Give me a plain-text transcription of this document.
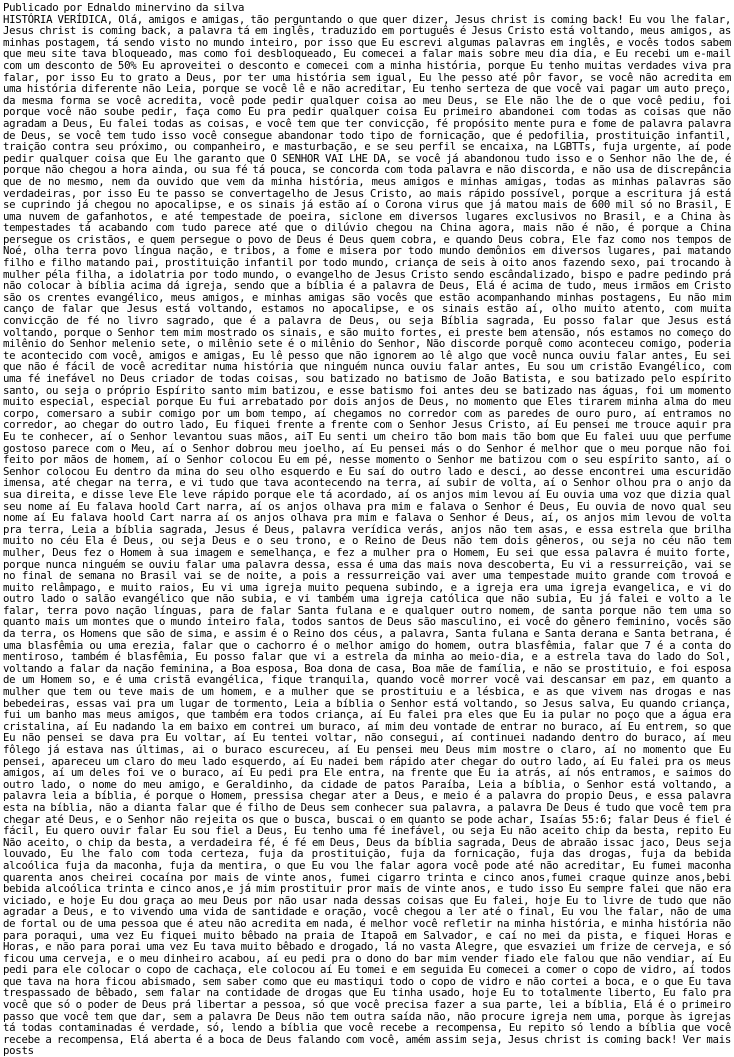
Publicado por Ednaldo minervino da silva

HISTÓRIA VERÍDICA, Olá, amigos e amigas, tão perguntando o que quer dizer, Jesus christ is coming back! Eu vou lhe falar, Jesus christ is coming back, a palavra tá em inglês, traduzido em português é Jesus Cristo está voltando, meus amigos, as minhas postagem, tá sendo visto no mundo inteiro, por isso que Eu escrevi algumas palavras em inglês, e vocês todos sabem que meu site tava bloqueado, mas como foi desbloqueado, Eu comecei a falar mais sobre meu dia dia, e Eu recebi um e-mail com um desconto de 50% Eu aproveitei o desconto e comecei com a minha história, porque Eu tenho muitas verdades viva pra falar, por isso Eu to grato a Deus, por ter uma história sem igual, Eu lhe pesso até pôr favor, se você não acredita em uma história diferente não Leia, porque se você lê e não acreditar, Eu tenho serteza de que você vai pagar um auto preço, da mesma forma se você acredita, você pode pedir qualquer coisa ao meu Deus, se Ele não lhe de o que você pediu, foi porque você não soube pedir, faça como Eu pra pedir qualquer coisa Eu primeiro abandonei com todas as coisas que não agradam a Deus, Eu falei todas as coisas, e você tem que ter convicção, fé propósito mente pura e fome de palavra palavra de Deus, se você tem tudo isso você consegue abandonar todo tipo de fornicação, que é pedofilia, prostituição infantil, traição contra seu próximo, ou companheiro, e masturbação, e se seu perfil se encaixa, na LGBTTs, fuja urgente, aí pode pedir qualquer coisa que Eu lhe garanto que O SENHOR VAI LHE DA, se você já abandonou tudo isso e o Senhor não lhe de, é porque não chegou a hora ainda, ou sua fé tá pouca, se concorda com toda palavra e não discorda, e não usa de discrepância que de no mesmo, nem da ouvido que vem da minha história, meus amigos e minhas amigas, todas as minhas palavras são verdadeiras, por isso Eu te passo se convertagelho de Jesus Cristo, ao mais rápido possível, porque a escritura já está se cuprindo já chegou no apocalipse, e os sinais já estão aí o Corona virus que já matou mais de 600 mil só no Brasil, E uma nuvem de gafanhotos, e até tempestade de poeira, siclone em diversos lugares exclusivos no Brasil, e a China às tempestades tá acabando com tudo parece até que o dilúvio chegou na China agora, mais não é não, é porque a China persegue os cristãos, e quem persegue o povo de Deus é Deus quem cobra, e quando Deus cobra, Ele faz como nos tempos de Noé, olha terra povo língua nação, e tribos, a fome e misera por todo mundo demônios em diversos lugares, pai matando filho e filho matando pai, prostituição infantil por todo mundo, criança de seis à oito anos fazendo sexo, pai trocando à mulher péla filha, a idolatria por todo mundo, o evangelho de Jesus Cristo sendo escândalizado, bispo e padre pedindo prá não colocar à bíblia acima dá igreja, sendo que a bíblia é a palavra de Deus, Elá é acima de tudo, meus irmãos em Cristo são os crentes evangélico, meus amigos, e minhas amigas são vocês que estão acompanhando minhas postagens, Eu não mim canço de falar que Jesus está voltando, estamos no apocalipse, e os sinais estão aí, olho muito atento, com muita convicção de fé no livro sagrado, que é a palavra de Deus, ou seja Bíblia sagrada, Eu posso falar que Jesus está voltando, porque o Senhor tem mim mostrado os sinais, e são muito fortes, ei preste bem atensão, nós estamos no começo do milênio do Senhor melenio sete, o milênio sete é o milênio do Senhor, Não discorde porquê como aconteceu comigo, poderia te acontecido com você, amigos e amigas, Eu lê pesso que não ignorem ao lê algo que você nunca ouviu falar antes, Eu sei que não é fácil de você acreditar numa história que ninguém nunca ouviu falar antes, Eu sou um cristão Evangélico, com uma fé inefável no Deus criador de todas coisas, sou batizado no batismo de João Batista, e sou batizado pelo espírito santo, ou seja o próprio Espírito santo mim batizou, e esse batismo foi antes deu se batizado nas águas, foi um momento muito especial, especial porque Eu fui arrebatado por dois anjos de Deus, no momento que Eles tirarem minha alma do meu corpo, comersaro a subir comigo por um bom tempo, aí chegamos no corredor com as paredes de ouro puro, aí entramos no corredor, ao chegar do outro lado, Eu fiquei frente a frente com o Senhor Jesus Cristo, aí Eu pensei me trouce aquir pra Eu te conhecer, aí o Senhor levantou suas mãos, aiT Eu senti um cheiro tão bom mais tão bom que Eu falei uuu que perfume gostoso parece com o Meu, aí o Senhor dobrou meu joelho, aí Eu pensei más o do Senhor é melhor que o meu porque não foi feito por mãos de homem, aí o Senhor colocou Eu em pé, nesse momento o Senhor me batizou com o seu espírito santo, aí o Senhor colocou Eu dentro da mina do seu olho esquerdo e Eu saí do outro lado e desci, ao desse encontrei uma escuridão imensa, até chegar na terra, e vi tudo que tava acontecendo na terra, aí subir de volta, aí o Senhor olhou pra o anjo da sua direita, e disse leve Ele leve rápido porque ele tá acordado, aí os anjos mim levou aí Eu ouvia uma voz que dizia qual seu nome aí Eu falava hoold Cart narra, aí os anjos olhava pra mim e falava o Senhor é Deus, Eu ouvia de novo qual seu nome aí Eu falava hoold Cart narra aí os anjos olhava pra mim e falava o Senhor é Deus, aí, os anjos mim levou de volta pra terra, Leia a bíblia sagrada, Jesus é Deus, palavra verídica verás, anjos não tem asas, e essa estrela que brilha muito no céu Ela é Deus, ou seja Deus e o seu trono, e o Reino de Deus não tem dois gêneros, ou seja no céu não tem mulher, Deus fez o Homem à sua imagem e semelhança, e fez a mulher pra o Homem, Eu sei que essa palavra é muito forte, porque nunca ninguém se ouviu falar uma palavra dessa, essa é uma das mais nova descoberta, Eu vi a ressurreição, vai se no final de semana no Brasil vai se de noite, a pois a ressurreição vai aver uma tempestade muito grande com trovoá e muito relâmpago, e muito raios, Eu vi uma igreja muito pequena subindo, e a igreja era uma igreja evangelica, e vi do outro lado o salão evangélico que não subia, e vi também uma igreja católica que não subia, Eu já falei e volto a le falar, terra povo nação línguas, para de falar Santa fulana e e qualquer outro nomem, de santa porque não tem uma so quanto mais um montes que o mundo inteiro fala, todos santos de Deus são masculino, ei você do gênero feminino, vocês são da terra, os Homens que são de sima, e assim é o Reino dos céus, a palavra, Santa fulana e Santa derana e Santa betrana, é uma blasfêmia ou uma erezia, falar que o cachorro é o melhor amigo do homem, outra blasfêmia, falar que 7 é a conta do mentiroso, também é blasfêmia, Eu posso falar que vi a estrela da minha ao meio-dia, e a estrela tava do lado do Sol, voltando a falar da nação feminina, a Boa esposa, Boa dona de casa, Boa mãe de família, e não se prostituio, e foi esposa de um Homem so, e é uma cristã evangélica, fique tranquila, quando você morrer você vai descansar em paz, em quanto a mulher que tem ou teve mais de um homem, e a mulher que se prostituiu e a lésbica, e as que vivem nas drogas e nas bebedeiras, essas vai pra um lugar de tormento, Leia a bíblia o Senhor está voltando, so Jesus salva, Eu quando criança, fui um banho mas meus amigos, que também era todos criança, aí Eu falei pra eles que Eu ia pular no poço que a água era cristalina, aí Eu nadando la em baixo em contrei um buraco, aí mim deu vontade de entrar no buraco, aí Eu entrem, so que Eu não pensei se dava pra Eu voltar, aí Eu tentei voltar, não consegui, aí continuei nadando dentro do buraco, aí meu fôlego já estava nas últimas, ai o buraco escureceu, aí Eu pensei meu Deus mim mostre o claro, aí no momento que Eu pensei, apareceu um claro do meu lado esquerdo, aí Eu nadei bem rápido ater chegar do outro lado, aí Eu falei pra os meus amigos, aí um deles foi ve o buraco, aí Eu pedi pra Ele entra, na frente que Eu ia atrás, aí nós entramos, e saimos do outro lado, o nome do meu amigo, e Geraldinho, da cidade de patos Paraíba, Leia a bíblia, o Senhor está voltando, a palavra leia a bíblia, é porque o Homem, pressisa chegar ater a Deus, e meio é a palavra do propio Deus, e essa palavra esta na bíblia, não a dianta falar que é filho de Deus sem conhecer sua palavra, a palavra De Deus é tudo que você tem pra chegar até Deus, e o Senhor não rejeita os que o busca, buscai o em quanto se pode achar, Isaías 55:6; falar Deus é fiel é fácil, Eu quero ouvir falar Eu sou fiel a Deus, Eu tenho uma fé inefável, ou seja Eu não aceito chip da besta, repito Eu Não aceito, o chip da besta, a verdadeira fé, é fé em Deus, Deus da bíblia sagrada, Deus de abraão issac jaco, Deus seja louvado, Eu lhe falo com toda certeza, fuja da prostituição, fuja da fornicação, fuja das drogas, fuja da bebida alcoólica fuja da maconha, fuja da mentira, o que Eu vou lhe falar agora você pode até não acreditar, Eu fumei maconha quarenta anos cheirei cocaína por mais de vinte anos, fumei cigarro trinta e cinco anos,fumei craque quinze anos,bebi bebida alcoólica trinta e cinco anos,e já mim prostituir pror mais de vinte anos, e tudo isso Eu sempre falei que não era viciado, e hoje Eu dou graça ao meu Deus por não usar nada dessas coisas que Eu falei, hoje Eu to livre de tudo que não agradar a Deus, e to vivendo uma vida de santidade e oração, você chegou a ler até o final, Eu vou lhe falar, não de uma de fortal ou de uma pessoa que é ateu não acredita em nada, é melhor você refletir na minha história, e minha história não para poraqui, uma vez Eu fiquei muito bêbado na praia de Itapoã em Salvador, e caí no mei da pista, e fiquei Horas e Horas, e não para porai uma vez Eu tava muito bêbado e drogado, lá no vasta Alegre, que esvaziei um frize de cerveja, e só ficou uma cerveja, e o meu dinheiro acabou, aí eu pedi pra o dono do bar mim vender fiado ele falou que não vendiar, aí Eu pedi para ele colocar o copo de cachaça, ele colocou aí Eu tomei e em seguida Eu comecei a comer o copo de vidro, aí todos que tava na hora ficou abismado, sem saber como que eu mastiqui todo o copo de vidro e não cortei a boca, e o que Eu tava trespassado de bêbado, sem falar na contidade de drogas que Eu tinha usado, hoje Eu to totalmente liberto, Eu falo pra você que só o poder de Deus prá libertar a pessoa, só que você precisa fazer a sua parte, lei a bíblia, Elá é o primeiro passo que você tem que dar, sem a palavra De Deus não tem outra saída não, não procure igreja nem uma, porque às igrejas tá todas contaminadas é verdade, só, lendo a bíblia que você recebe a recompensa, Eu repito só lendo a bíblia que você recebe a recompensa, Elá aberta é a boca de Deus falando com você, amém assim seja, Jesus christ is coming back! Ver mais posts
